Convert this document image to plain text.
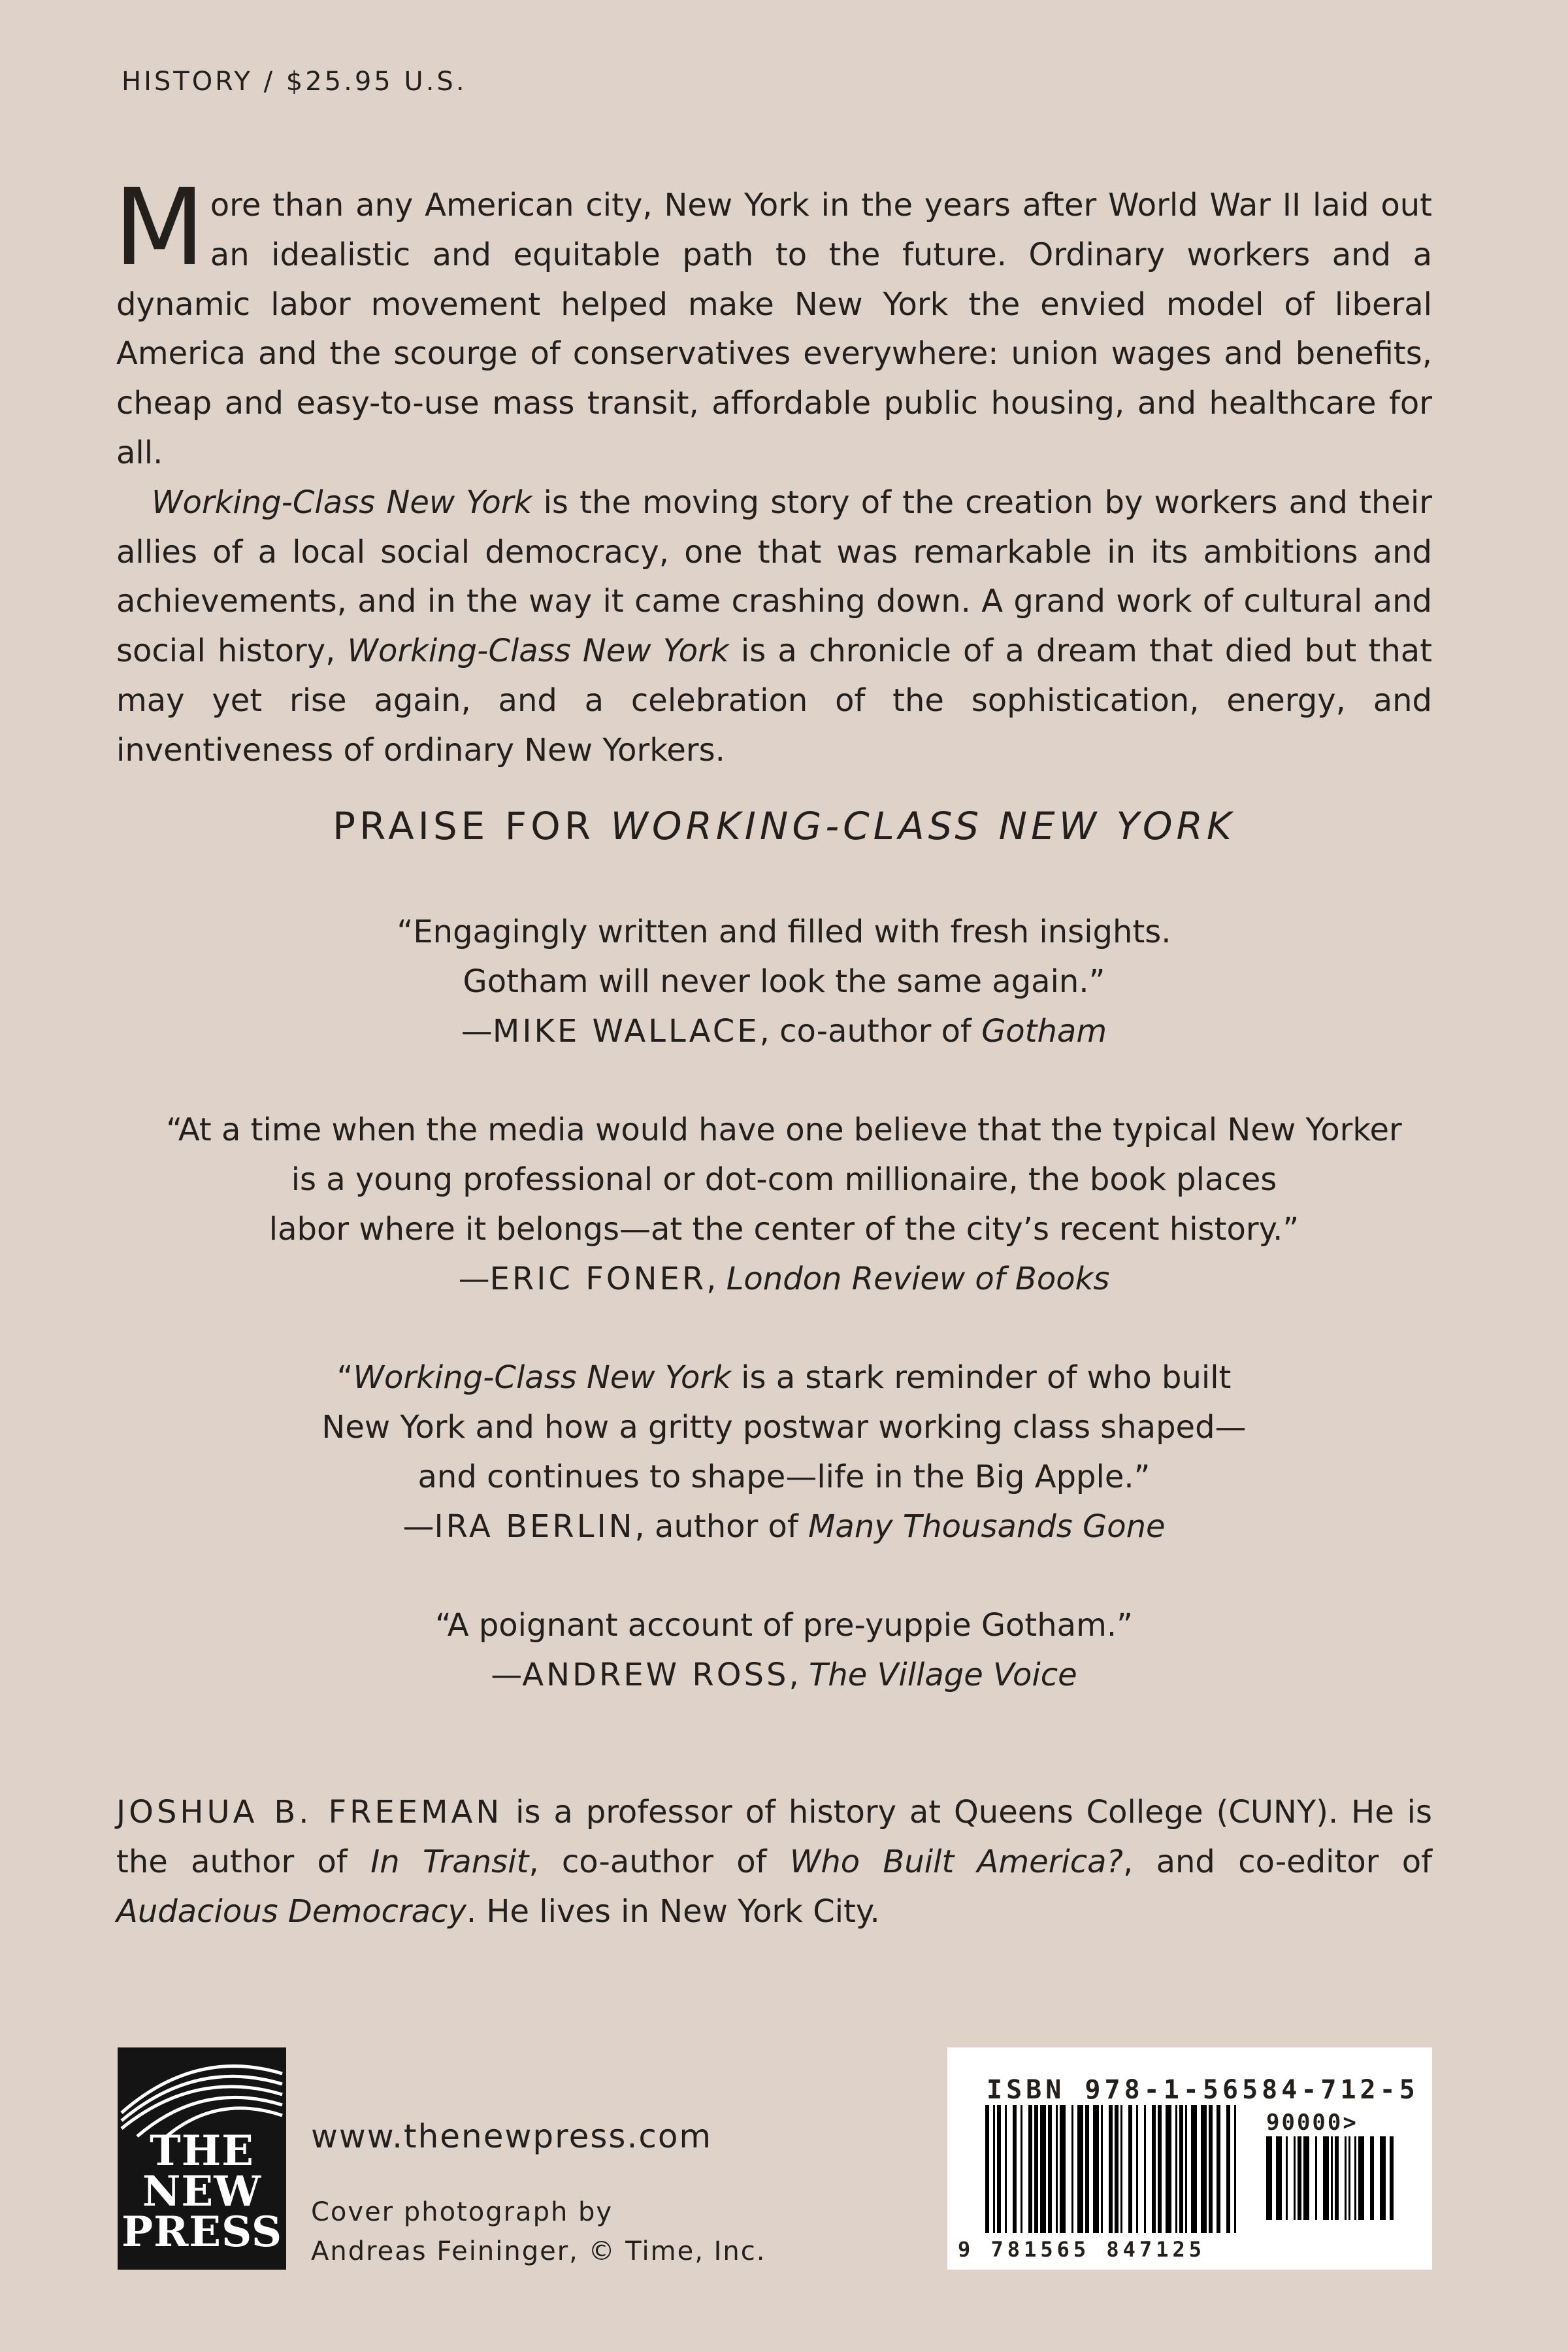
HISTORY / $25.95 U.S.

More than any American city, New York in the years after World War II laid out an idealistic and equitable path to the future. Ordinary workers and a dynamic labor movement helped make New York the envied model of liberal America and the scourge of conservatives everywhere: union wages and benefits, cheap and easy-to-use mass transit, affordable public housing, and healthcare for all.

Working-Class New York is the moving story of the creation by workers and their allies of a local social democracy, one that was remarkable in its ambitions and achievements, and in the way it came crashing down. A grand work of cultural and social history, Working-Class New York is a chronicle of a dream that died but that may yet rise again, and a celebration of the sophistication, energy, and inventiveness of ordinary New Yorkers.

PRAISE FOR WORKING-CLASS NEW YORK
“Engagingly written and filled with fresh insights.
Gotham will never look the same again.”
—MIKE WALLACE, co-author of Gotham
“At a time when the media would have one believe that the typical New Yorker
is a young professional or dot-com millionaire, the book places
labor where it belongs—at the center of the city’s recent history.”
—ERIC FONER, London Review of Books
“Working-Class New York is a stark reminder of who built
New York and how a gritty postwar working class shaped—
and continues to shape—life in the Big Apple.”
—IRA BERLIN, author of Many Thousands Gone
“A poignant account of pre-yuppie Gotham.”
—ANDREW ROSS, The Village Voice
JOSHUA B. FREEMAN is a professor of history at Queens College (CUNY). He is the author of In Transit, co-author of Who Built America?, and co-editor of Audacious Democracy. He lives in New York City.
THE
NEW
PRESS
www.thenewpress.com
Cover photograph by
Andreas Feininger, © Time, Inc.
ISBN 978-1-56584-712-5
90000>
9 781565 847125
